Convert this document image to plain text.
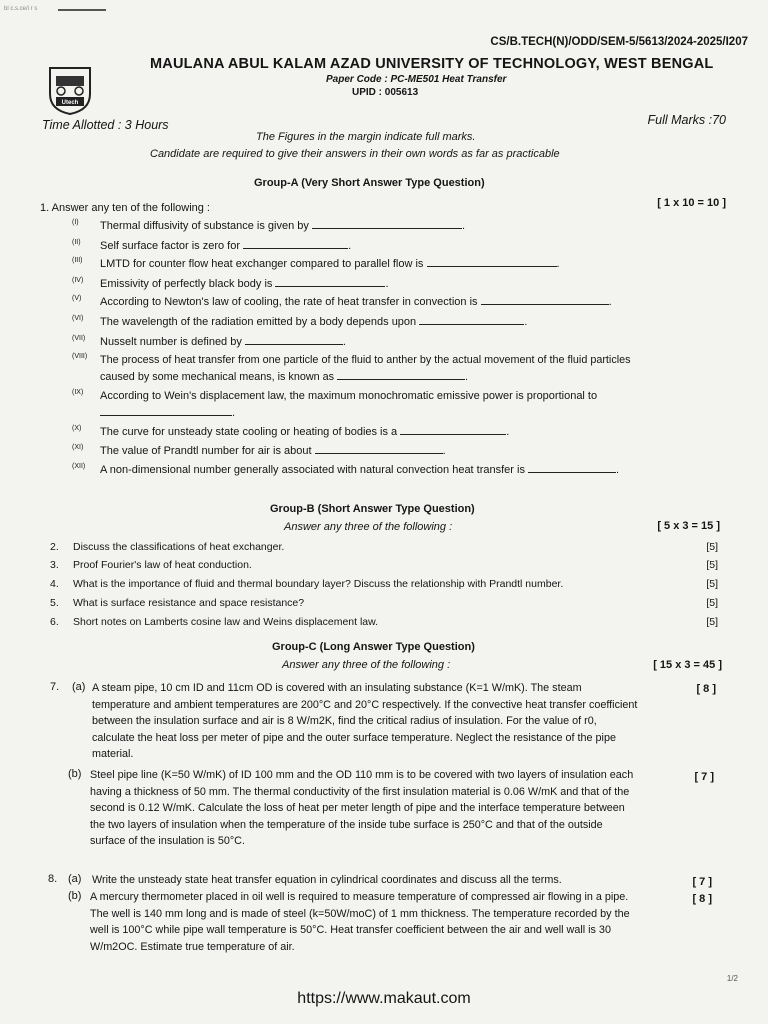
bl c.s.ce/i r s
CS/B.TECH(N)/ODD/SEM-5/5613/2024-2025/I207
Utech
MAULANA ABUL KALAM AZAD UNIVERSITY OF TECHNOLOGY, WEST BENGAL
Paper Code : PC-ME501 Heat Transfer
UPID : 005613
Time Allotted : 3 Hours	Full Marks :70
The Figures in the margin indicate full marks.
Candidate are required to give their answers in their own words as far as practicable
Group-A (Very Short Answer Type Question)
1. Answer any ten of the following :	[ 1 x 10 = 10 ]
(I)	Thermal diffusivity of substance is given by	.
(II)	Self surface factor is zero for	.
(III)	LMTD for counter flow heat exchanger compared to parallel flow is	.
(IV)	Emissivity of perfectly black body is	.
(V)	According to Newton's law of cooling, the rate of heat transfer in convection is	.
(VI)	The wavelength of the radiation emitted by a body depends upon	.
(VII)	Nusselt number is defined by	.
(VIII)	The process of heat transfer from one particle of the fluid to anther by the actual movement of the fluid particles
caused by some mechanical means, is known as	.
(IX)	According to Wein's displacement law, the maximum monochromatic emissive power is proportional to
.
(X)	The curve for unsteady state cooling or heating of bodies is a	.
(XI)	The value of Prandtl number for air is about	.
(XII)	A non-dimensional number generally associated with natural convection heat transfer is	.
Group-B (Short Answer Type Question)
Answer any three of the following :	[ 5 x 3 = 15 ]
2. Discuss the classifications of heat exchanger.	[5]
3. Proof Fourier's law of heat conduction.	[5]
4. What is the importance of fluid and thermal boundary layer? Discuss the relationship with Prandtl number.	[5]
5. What is surface resistance and space resistance?	[5]
6. Short notes on Lamberts cosine law and Weins displacement law.	[5]
Group-C (Long Answer Type Question)
Answer any three of the following :	[ 15 x 3 = 45 ]
7. (a) A steam pipe, 10 cm ID and 11cm OD is covered with an insulating substance (K=1 W/mK). The steam temperature and ambient temperatures are 200°C and 20°C respectively. If the convective heat transfer coefficient between the insulation surface and air is 8 W/m2K, find the critical radius of insulation. For the value of r0, calculate the heat loss per meter of pipe and the outer surface temperature. Neglect the resistance of the pipe material.
[ 8 ]
(b) Steel pipe line (K=50 W/mK) of ID 100 mm and the OD 110 mm is to be covered with two layers of insulation each having a thickness of 50 mm. The thermal conductivity of the first insulation material is 0.06 W/mK and that of the second is 0.12 W/mK. Calculate the loss of heat per meter length of pipe and the interface temperature between the two layers of insulation when the temperature of the inside tube surface is 250°C and that of the outside surface of the insulation is 50°C.
[ 7 ]
8. (a) Write the unsteady state heat transfer equation in cylindrical coordinates and discuss all the terms.	[ 7 ]
(b) A mercury thermometer placed in oil well is required to measure temperature of compressed air flowing in a pipe. The well is 140 mm long and is made of steel (k=50W/moC) of 1 mm thickness. The temperature recorded by the well is 100°C while pipe wall temperature is 50°C. Heat transfer coefficient between the air and well wall is 30 W/m2OC. Estimate true temperature of air.
[ 8 ]
1/2
https://www.makaut.com
